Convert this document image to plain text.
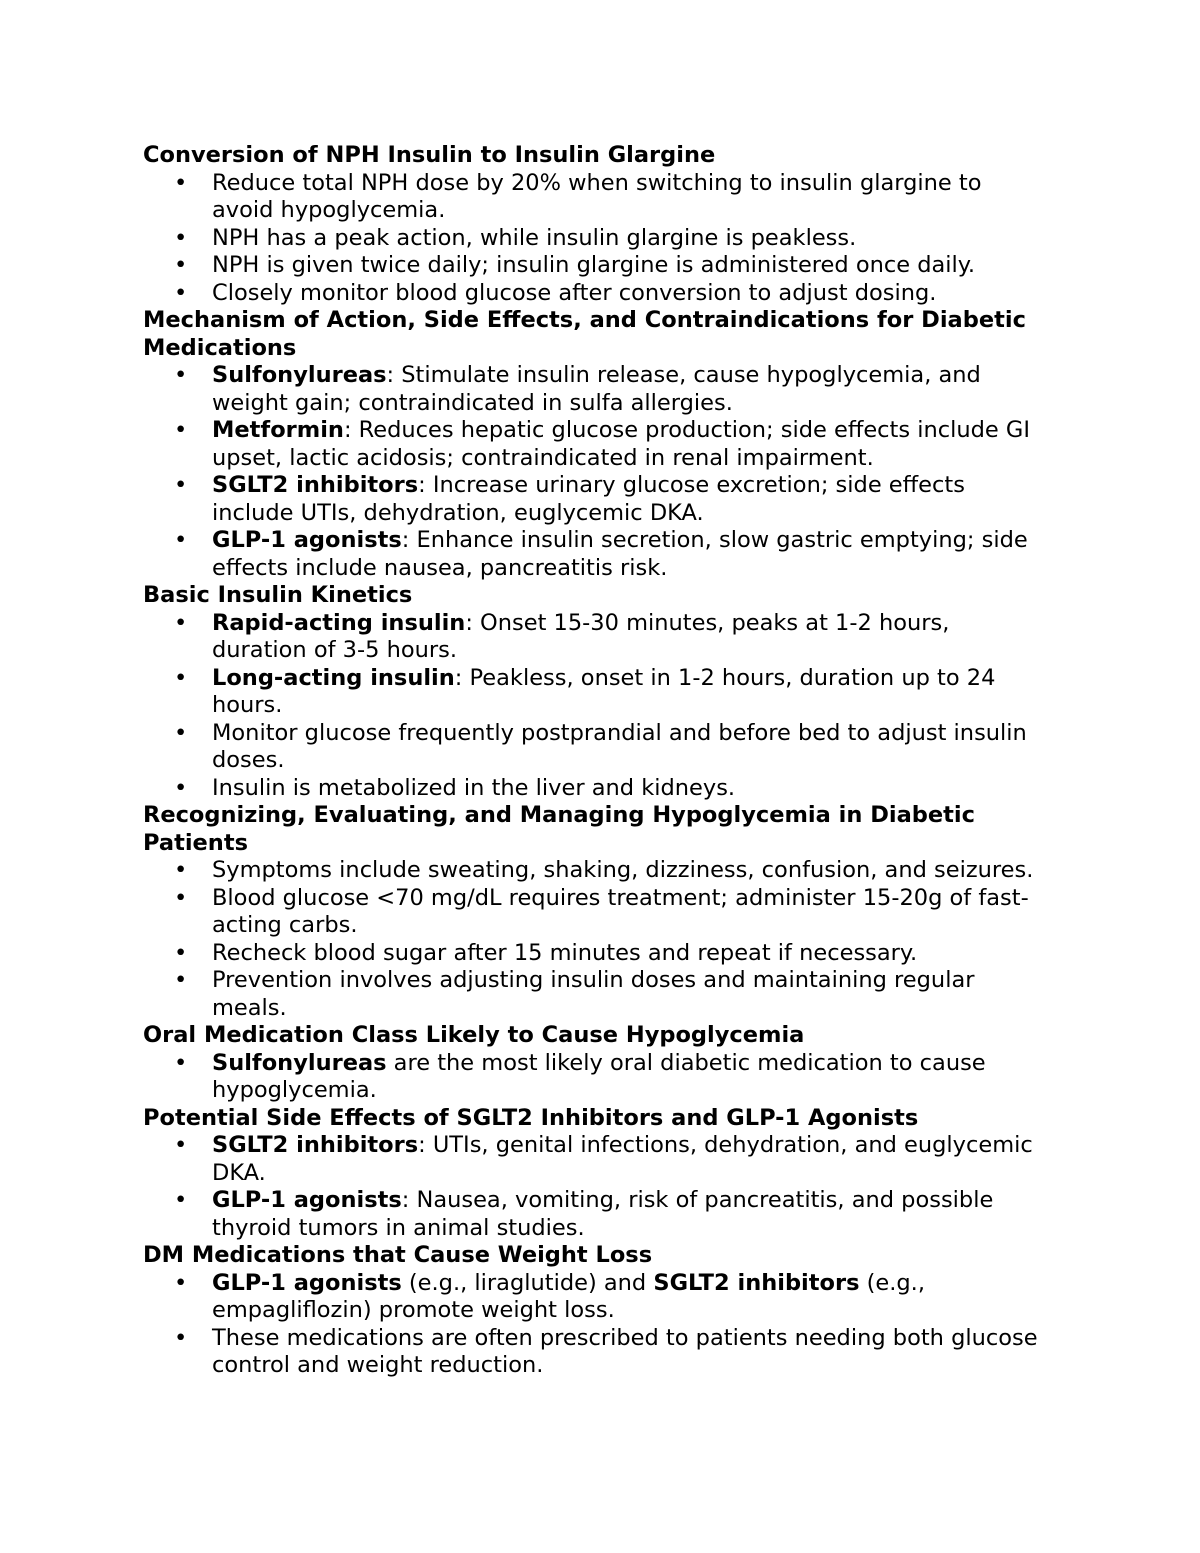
Conversion of NPH Insulin to Insulin Glargine
• Reduce total NPH dose by 20% when switching to insulin glargine to avoid hypoglycemia.
• NPH has a peak action, while insulin glargine is peakless.
• NPH is given twice daily; insulin glargine is administered once daily.
• Closely monitor blood glucose after conversion to adjust dosing.
Mechanism of Action, Side Effects, and Contraindications for Diabetic Medications
• Sulfonylureas: Stimulate insulin release, cause hypoglycemia, and weight gain; contraindicated in sulfa allergies.
• Metformin: Reduces hepatic glucose production; side effects include GI upset, lactic acidosis; contraindicated in renal impairment.
• SGLT2 inhibitors: Increase urinary glucose excretion; side effects include UTIs, dehydration, euglycemic DKA.
• GLP-1 agonists: Enhance insulin secretion, slow gastric emptying; side effects include nausea, pancreatitis risk.
Basic Insulin Kinetics
• Rapid-acting insulin: Onset 15-30 minutes, peaks at 1-2 hours, duration of 3-5 hours.
• Long-acting insulin: Peakless, onset in 1-2 hours, duration up to 24 hours.
• Monitor glucose frequently postprandial and before bed to adjust insulin doses.
• Insulin is metabolized in the liver and kidneys.
Recognizing, Evaluating, and Managing Hypoglycemia in Diabetic Patients
• Symptoms include sweating, shaking, dizziness, confusion, and seizures.
• Blood glucose <70 mg/dL requires treatment; administer 15-20g of fast-acting carbs.
• Recheck blood sugar after 15 minutes and repeat if necessary.
• Prevention involves adjusting insulin doses and maintaining regular meals.
Oral Medication Class Likely to Cause Hypoglycemia
• Sulfonylureas are the most likely oral diabetic medication to cause hypoglycemia.
Potential Side Effects of SGLT2 Inhibitors and GLP-1 Agonists
• SGLT2 inhibitors: UTIs, genital infections, dehydration, and euglycemic DKA.
• GLP-1 agonists: Nausea, vomiting, risk of pancreatitis, and possible thyroid tumors in animal studies.
DM Medications that Cause Weight Loss
• GLP-1 agonists (e.g., liraglutide) and SGLT2 inhibitors (e.g., empagliflozin) promote weight loss.
• These medications are often prescribed to patients needing both glucose control and weight reduction.
